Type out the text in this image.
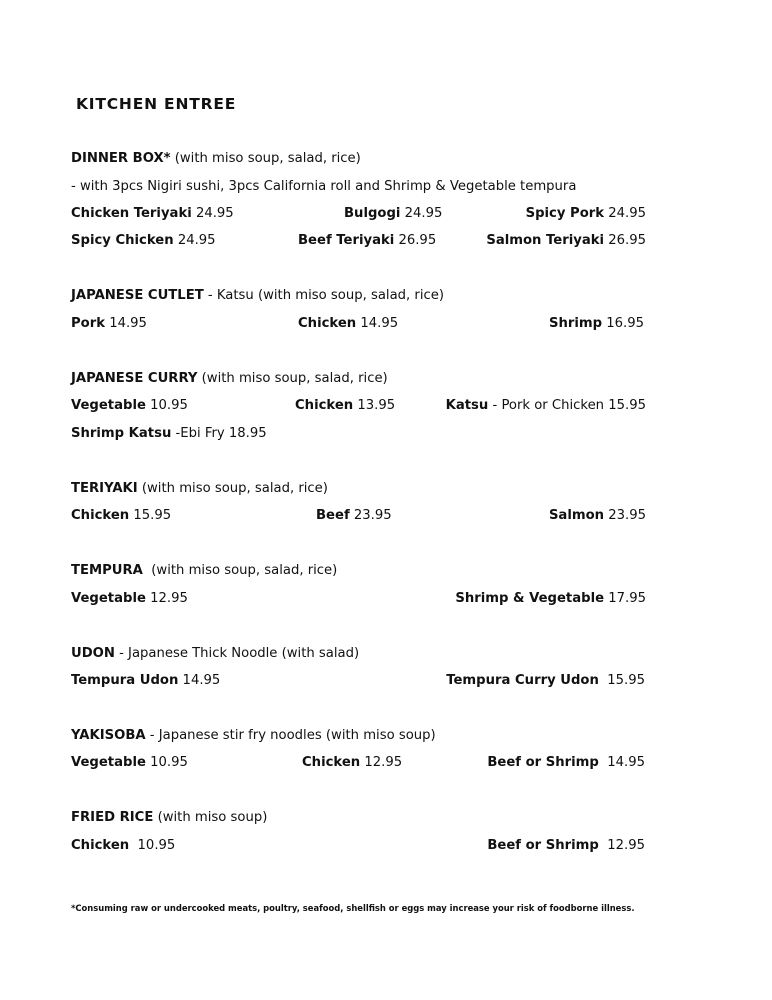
KITCHEN ENTREE
DINNER BOX* (with miso soup, salad, rice)
- with 3pcs Nigiri sushi, 3pcs California roll and Shrimp & Vegetable tempura
Chicken Teriyaki 24.95	Bulgogi 24.95	Spicy Pork 24.95
Spicy Chicken 24.95	Beef Teriyaki 26.95	Salmon Teriyaki 26.95
JAPANESE CUTLET - Katsu (with miso soup, salad, rice)
Pork 14.95	Chicken 14.95	Shrimp 16.95
JAPANESE CURRY (with miso soup, salad, rice)
Vegetable 10.95	Chicken 13.95	Katsu - Pork or Chicken 15.95
Shrimp Katsu -Ebi Fry 18.95
TERIYAKI (with miso soup, salad, rice)
Chicken 15.95	Beef 23.95	Salmon 23.95
TEMPURA  (with miso soup, salad, rice)
Vegetable 12.95	Shrimp & Vegetable 17.95
UDON - Japanese Thick Noodle (with salad)
Tempura Udon 14.95	Tempura Curry Udon  15.95
YAKISOBA - Japanese stir fry noodles (with miso soup)
Vegetable 10.95	Chicken 12.95	Beef or Shrimp  14.95
FRIED RICE (with miso soup)
Chicken  10.95	Beef or Shrimp  12.95
*Consuming raw or undercooked meats, poultry, seafood, shellfish or eggs may increase your risk of foodborne illness.
